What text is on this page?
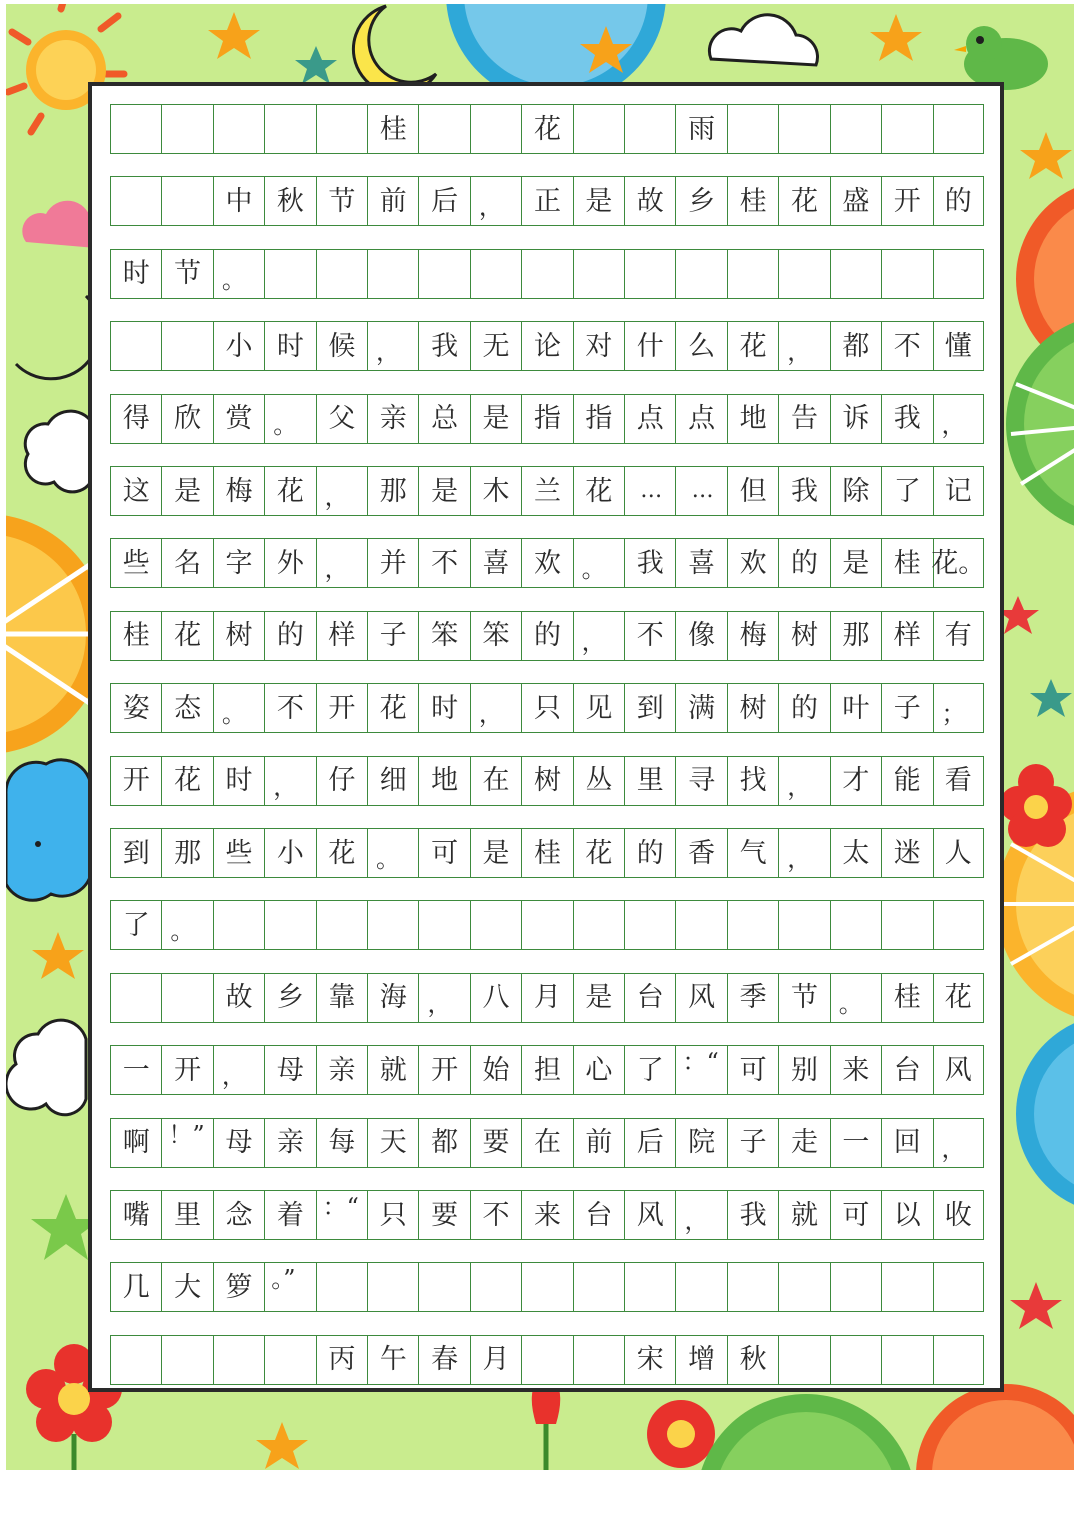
桂	花	雨
中 秋 节 前 后 ，	正 是 故 乡 桂 花 盛 开 的
时 节 。
小 时 候 ，	我 无 论 对 什 么 花 ，	都 不 懂
得 欣 赏 。	父 亲 总 是 指 指 点 点 地 告 诉 我 ，
这 是 梅 花 ，	那 是 木 兰 花	…	…	但 我 除 了 记
些 名 字 外 ，	并 不 喜 欢 。	我 喜 欢 的 是 桂 花。
桂 花 树 的 样 子 笨 笨 的 ，	不 像 梅 树 那 样 有
姿 态 。	不 开 花 时 ，	只 见 到 满 树 的 叶 子 ；
开 花 时 ，	仔 细 地 在 树 丛 里 寻 找 ，	才 能 看
到 那 些 小 花 。	可 是 桂 花 的 香 气 ，	太 迷 人
了 。
故 乡 靠 海 ，	八 月 是 台 风 季 节 。	桂 花
一 开 ，	母 亲 就 开 始 担 心 了 ：“ 可 别 来 台 风
啊 ！” 母 亲 每 天 都 要 在 前 后 院 子 走 一 回 ，
嘴 里 念 着 ：“ 只 要 不 来 台 风 ，	我 就 可 以 收
几 大 箩 。”
丙 午 春 月	宋 增 秋
